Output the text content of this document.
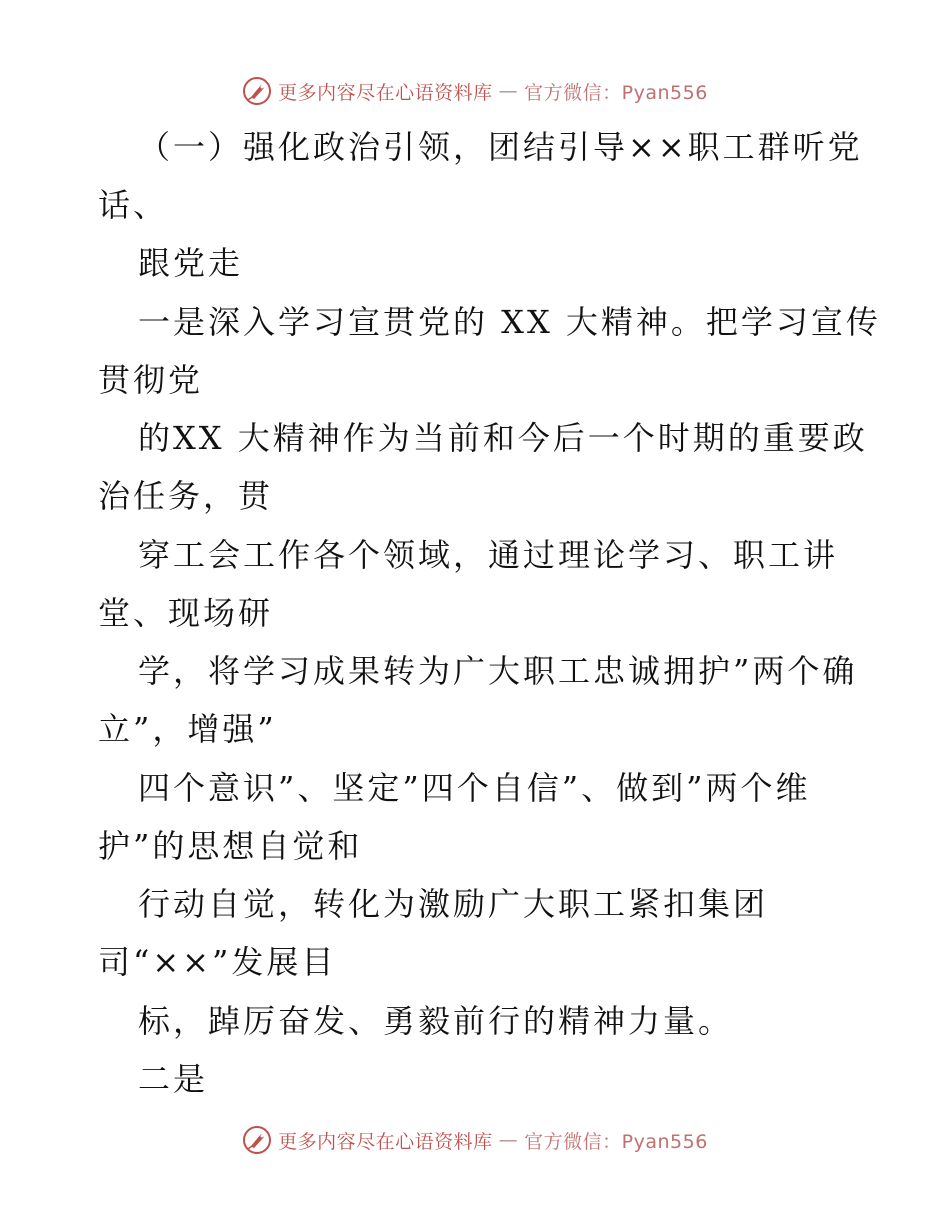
更多内容尽在心语资料库 — 官方微信：Pyan556
（一）强化政治引领，团结引导××职工群听党
话、
跟党走
一是深入学习宣贯党的 XX 大精神。把学习宣传
贯彻党
的XX 大精神作为当前和今后一个时期的重要政
治任务，贯
穿工会工作各个领域，通过理论学习、职工讲
堂、现场研
学，将学习成果转为广大职工忠诚拥护”两个确
立”，增强”
四个意识”、坚定”四个自信”、做到”两个维
护”的思想自觉和
行动自觉，转化为激励广大职工紧扣集团
司“××”发展目
标，踔厉奋发、勇毅前行的精神力量。
二是
更多内容尽在心语资料库 — 官方微信：Pyan556
